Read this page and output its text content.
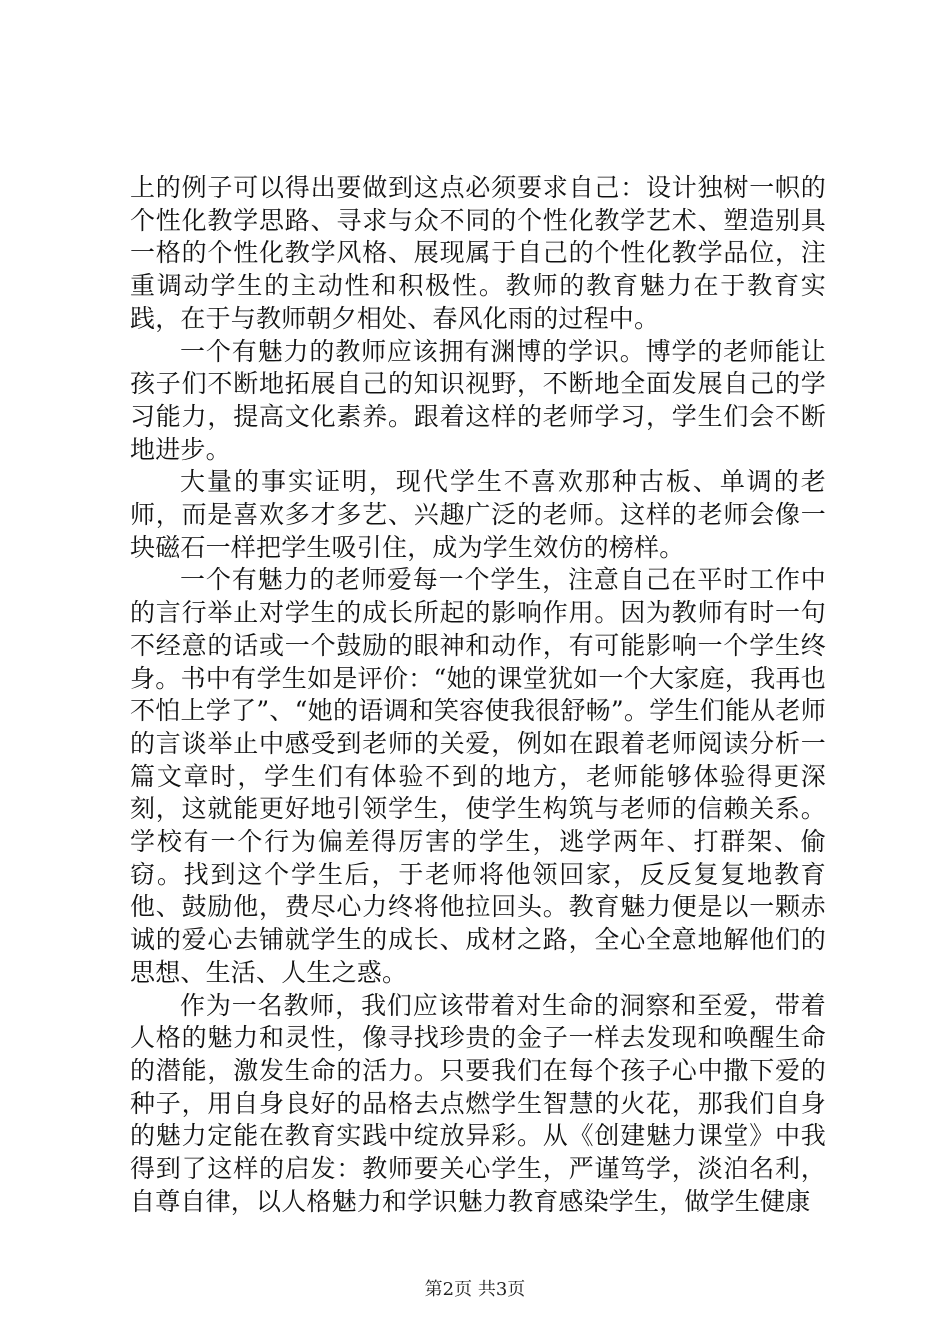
上的例子可以得出要做到这点必须要求自己：设计独树一帜的个性化教学思路、寻求与众不同的个性化教学艺术、塑造别具一格的个性化教学风格、展现属于自己的个性化教学品位，注重调动学生的主动性和积极性。教师的教育魅力在于教育实践，在于与教师朝夕相处、春风化雨的过程中。

一个有魅力的教师应该拥有渊博的学识。博学的老师能让孩子们不断地拓展自己的知识视野，不断地全面发展自己的学习能力，提高文化素养。跟着这样的老师学习，学生们会不断地进步。

大量的事实证明，现代学生不喜欢那种古板、单调的老师，而是喜欢多才多艺、兴趣广泛的老师。这样的老师会像一块磁石一样把学生吸引住，成为学生效仿的榜样。

一个有魅力的老师爱每一个学生，注意自己在平时工作中的言行举止对学生的成长所起的影响作用。因为教师有时一句不经意的话或一个鼓励的眼神和动作，有可能影响一个学生终身。书中有学生如是评价：“她的课堂犹如一个大家庭，我再也不怕上学了”、“她的语调和笑容使我很舒畅”。学生们能从老师的言谈举止中感受到老师的关爱，例如在跟着老师阅读分析一篇文章时，学生们有体验不到的地方，老师能够体验得更深刻，这就能更好地引领学生，使学生构筑与老师的信赖关系。学校有一个行为偏差得厉害的学生，逃学两年、打群架、偷窃。找到这个学生后，于老师将他领回家，反反复复地教育他、鼓励他，费尽心力终将他拉回头。教育魅力便是以一颗赤诚的爱心去铺就学生的成长、成材之路，全心全意地解他们的思想、生活、人生之惑。

作为一名教师，我们应该带着对生命的洞察和至爱，带着人格的魅力和灵性，像寻找珍贵的金子一样去发现和唤醒生命的潜能，激发生命的活力。只要我们在每个孩子心中撒下爱的种子，用自身良好的品格去点燃学生智慧的火花，那我们自身的魅力定能在教育实践中绽放异彩。从《创建魅力课堂》中我得到了这样的启发：教师要关心学生，严谨笃学，淡泊名利，自尊自律，以人格魅力和学识魅力教育感染学生，做学生健康

第2页 共3页
